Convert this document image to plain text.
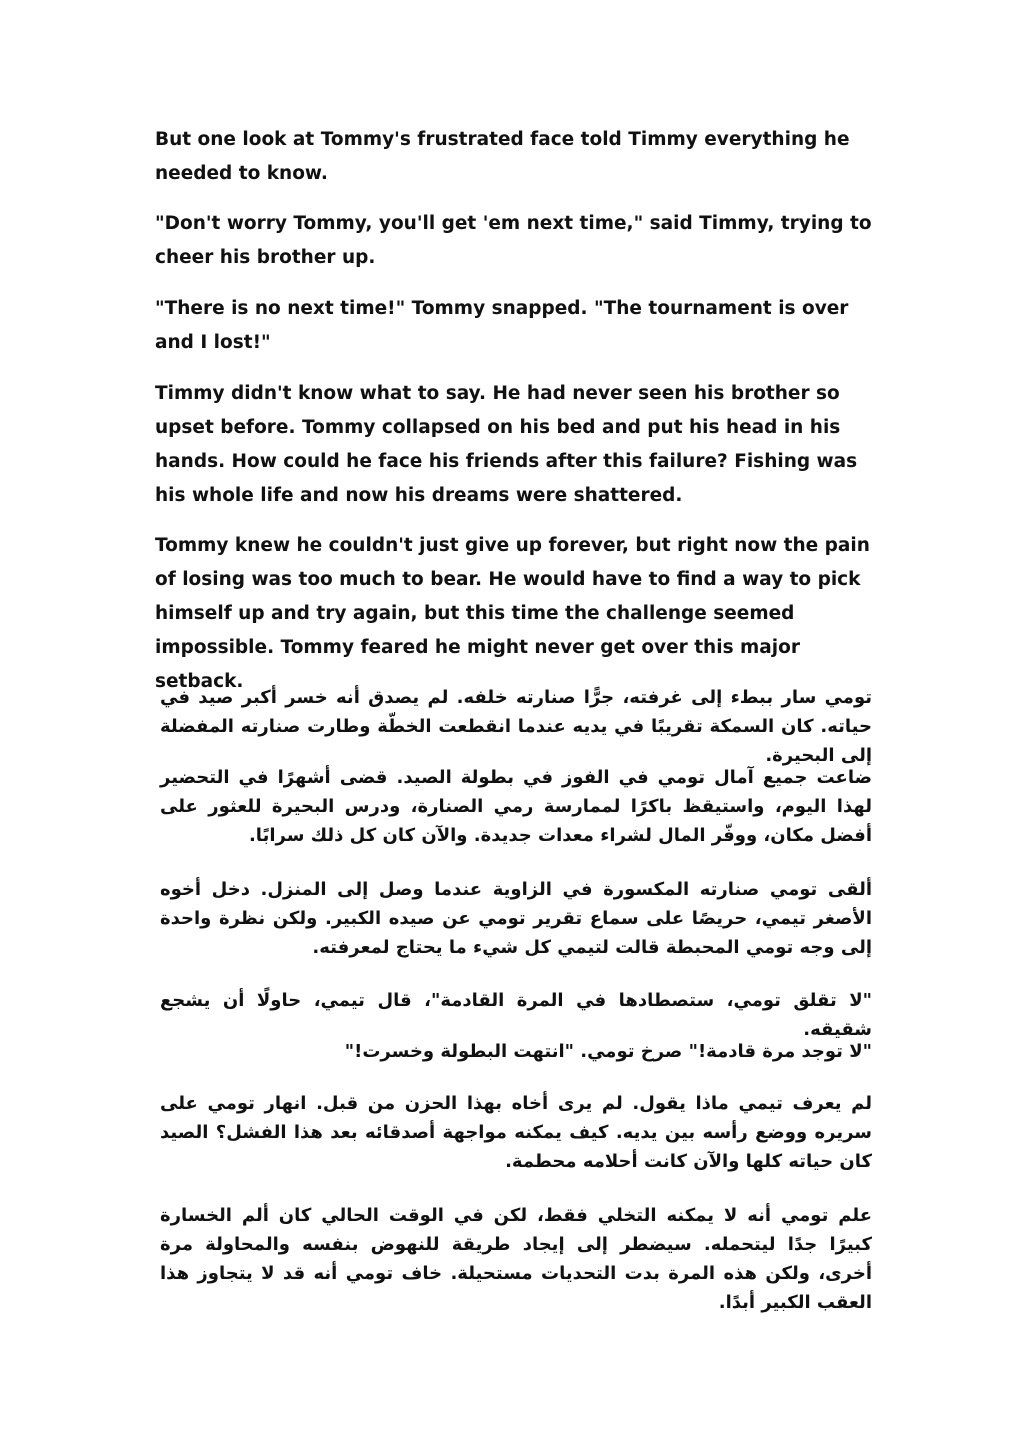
But one look at Tommy's frustrated face told Timmy everything he needed to know.

"Don't worry Tommy, you'll get 'em next time," said Timmy, trying to cheer his brother up.

"There is no next time!" Tommy snapped. "The tournament is over and I lost!"

Timmy didn't know what to say. He had never seen his brother so upset before. Tommy collapsed on his bed and put his head in his hands. How could he face his friends after this failure? Fishing was his whole life and now his dreams were shattered.

Tommy knew he couldn't just give up forever, but right now the pain of losing was too much to bear. He would have to find a way to pick himself up and try again, but this time the challenge seemed impossible. Tommy feared he might never get over this major setback.

تومي سار ببطء إلى غرفته، جرًّا صنارته خلفه. لم يصدق أنه خسر أكبر صيد في حياته. كان السمكة تقريبًا في يديه عندما انقطعت الخطّة وطارت صنارته المفضلة إلى البحيرة.

ضاعت جميع آمال تومي في الفوز في بطولة الصيد. قضى أشهرًا في التحضير لهذا اليوم، واستيقظ باكرًا لممارسة رمي الصنارة، ودرس البحيرة للعثور على أفضل مكان، ووفّر المال لشراء معدات جديدة. والآن كان كل ذلك سرابًا.

ألقى تومي صنارته المكسورة في الزاوية عندما وصل إلى المنزل. دخل أخوه الأصغر تيمي، حريصًا على سماع تقرير تومي عن صيده الكبير. ولكن نظرة واحدة إلى وجه تومي المحبطة قالت لتيمي كل شيء ما يحتاج لمعرفته.

"لا تقلق تومي، ستصطادها في المرة القادمة"، قال تيمي، حاولًا أن يشجع شقيقه.

"لا توجد مرة قادمة!" صرخ تومي. "انتهت البطولة وخسرت!"

لم يعرف تيمي ماذا يقول. لم يرى أخاه بهذا الحزن من قبل. انهار تومي على سريره ووضع رأسه بين يديه. كيف يمكنه مواجهة أصدقائه بعد هذا الفشل؟ الصيد كان حياته كلها والآن كانت أحلامه محطمة.

علم تومي أنه لا يمكنه التخلي فقط، لكن في الوقت الحالي كان ألم الخسارة كبيرًا جدًا ليتحمله. سيضطر إلى إيجاد طريقة للنهوض بنفسه والمحاولة مرة أخرى، ولكن هذه المرة بدت التحديات مستحيلة. خاف تومي أنه قد لا يتجاوز هذا العقب الكبير أبدًا.
